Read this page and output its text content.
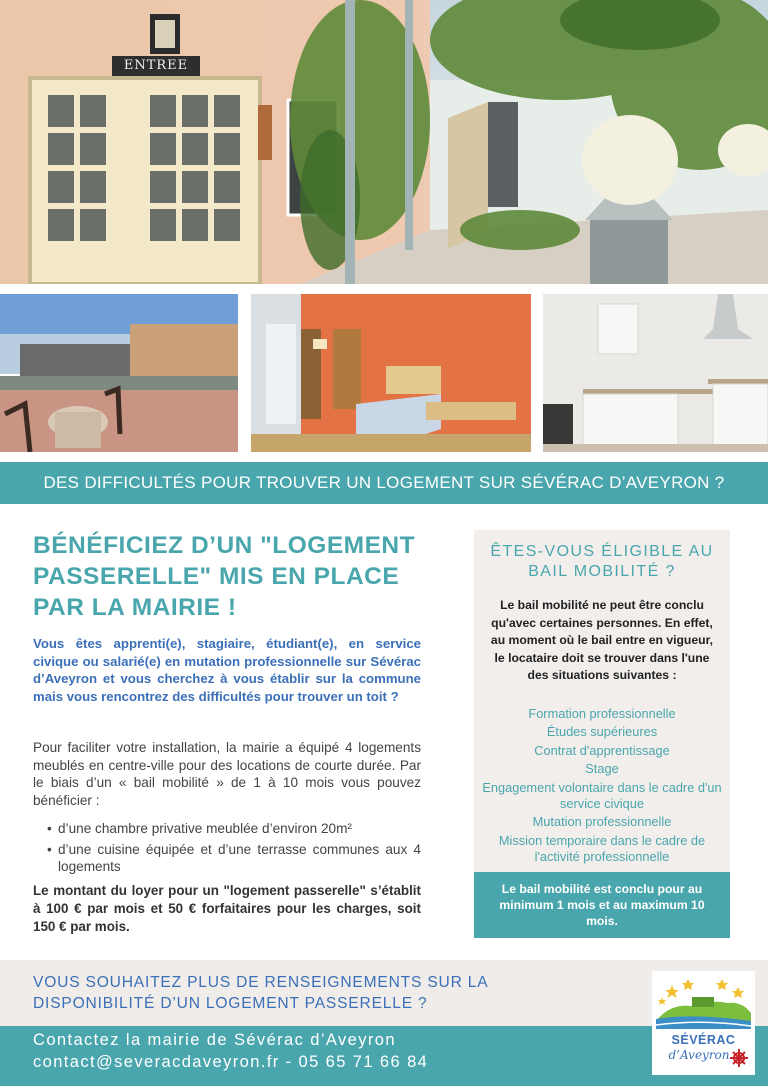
ENTREE
DES DIFFICULTÉS POUR TROUVER UN LOGEMENT SUR SÉVÉRAC D’AVEYRON ?
BÉNÉFICIEZ D’UN "LOGEMENT PASSERELLE" MIS EN PLACE PAR LA MAIRIE !

Vous êtes apprenti(e), stagiaire, étudiant(e), en service civique ou salarié(e) en mutation professionnelle sur Sévérac d’Aveyron et vous cherchez à vous établir sur la commune mais vous rencontrez des difficultés pour trouver un toit ?

Pour faciliter votre installation, la mairie a équipé 4 logements meublés en centre-ville pour des locations de courte durée. Par le biais d’un « bail mobilité » de 1 à 10 mois vous pouvez bénéficier :

• d’une chambre privative meublée d’environ 20m²
• d’une cuisine équipée et d’une terrasse communes aux 4 logements

Le montant du loyer pour un "logement passerelle" s’établit à 100 € par mois et 50 € forfaitaires pour les charges, soit 150 € par mois.

ÊTES-VOUS ÉLIGIBLE AU BAIL MOBILITÉ ?

Le bail mobilité ne peut être conclu qu'avec certaines personnes. En effet, au moment où le bail entre en vigueur, le locataire doit se trouver dans l'une des situations suivantes :

Formation professionnelle
Études supérieures
Contrat d'apprentissage
Stage
Engagement volontaire dans le cadre d'un service civique
Mutation professionnelle
Mission temporaire dans le cadre de l'activité professionnelle
Le bail mobilité est conclu pour au minimum 1 mois et au maximum 10 mois.
VOUS SOUHAITEZ PLUS DE RENSEIGNEMENTS SUR LA DISPONIBILITÉ D’UN LOGEMENT PASSERELLE ?
Contactez la mairie de Sévérac d’Aveyron
contact@severacdaveyron.fr - 05 65 71 66 84
SÉVÉRAC
d’Aveyron
